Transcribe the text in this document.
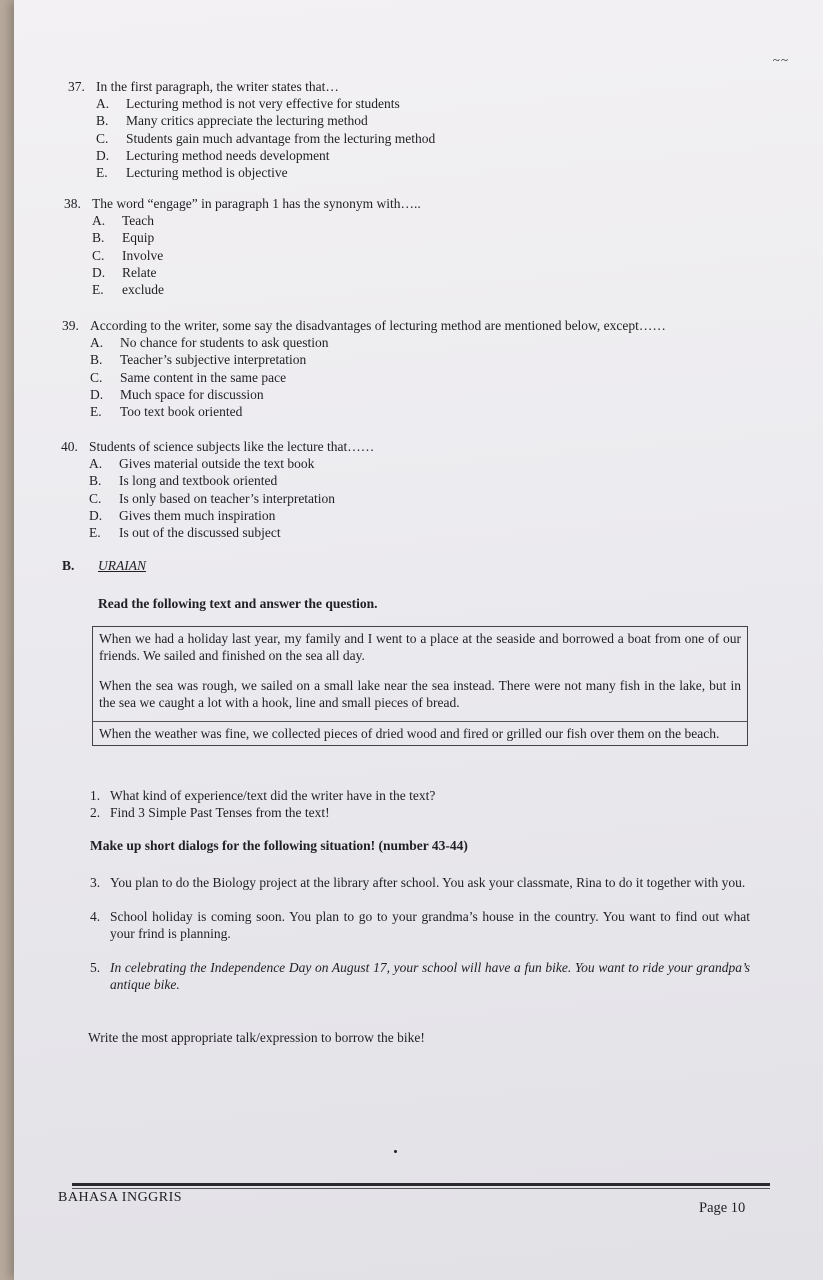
~~
37. In the first paragraph, the writer states that…
A.	Lecturing method is not very effective for students
B.	Many critics appreciate the lecturing method
C.	Students gain much advantage from the lecturing method
D.	Lecturing method needs development
E.	Lecturing method is objective
38. The word “engage” in paragraph 1 has the synonym with…..
A.	Teach
B.	Equip
C.	Involve
D.	Relate
E.	exclude
39. According to the writer, some say the disadvantages of lecturing method are mentioned below, except……
A.	No chance for students to ask question
B.	Teacher’s subjective interpretation
C.	Same content in the same pace
D.	Much space for discussion
E.	Too text book oriented
40. Students of science subjects like the lecture that……
A.	Gives material outside the text book
B.	Is long and textbook oriented
C.	Is only based on teacher’s interpretation
D.	Gives them much inspiration
E.	Is out of the discussed subject
B. URAIAN
Read the following text and answer the question.

When we had a holiday last year, my family and I went to a place at the seaside and borrowed a boat from one of our friends. We sailed and finished on the sea all day.

When the sea was rough, we sailed on a small lake near the sea instead. There were not many fish in the lake, but in the sea we caught a lot with a hook, line and small pieces of bread.

When the weather was fine, we collected pieces of dried wood and fired or grilled our fish over them on the beach.

1. What kind of experience/text did the writer have in the text?
2. Find 3 Simple Past Tenses from the text!
Make up short dialogs for the following situation! (number 43-44)
3. You plan to do the Biology project at the library after school. You ask your classmate, Rina to do it together with you.
4. School holiday is coming soon. You plan to go to your grandma’s house in the country. You want to find out what your frind is planning.
5. In celebrating the Independence Day on August 17, your school will have a fun bike. You want to ride your grandpa’s antique bike.
Write the most appropriate talk/expression to borrow the bike!
BAHASA INGGRIS
Page 10
